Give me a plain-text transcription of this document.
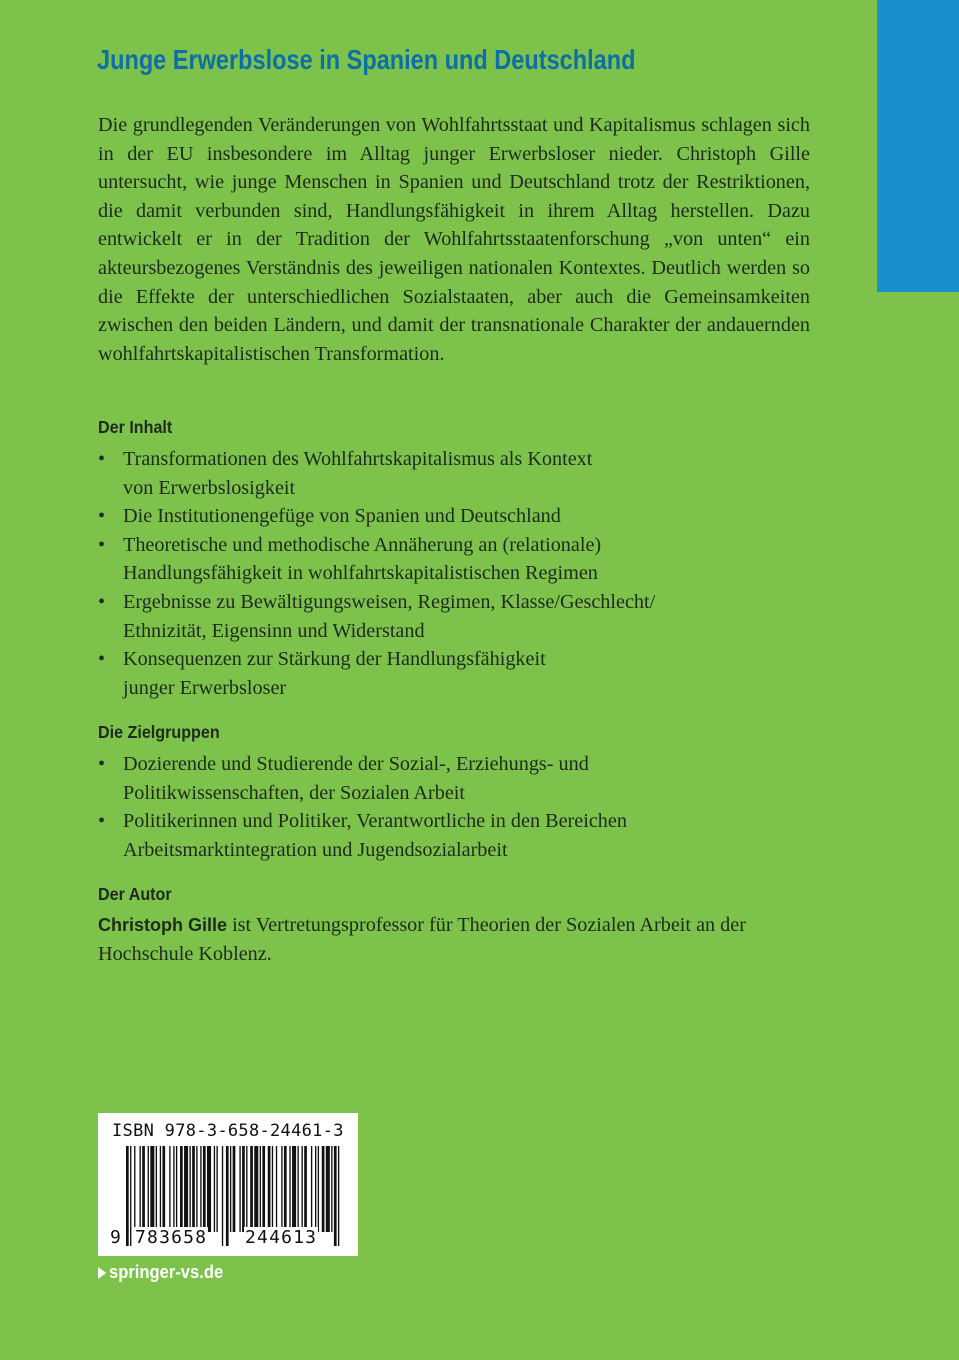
Junge Erwerbslose in Spanien und Deutschland

Die grundlegenden Veränderungen von Wohlfahrtsstaat und Kapitalismus schlagen sich in der EU insbesondere im Alltag junger Erwerbsloser nieder. Christoph Gille untersucht, wie junge Menschen in Spanien und Deutschland trotz der Restriktionen, die damit verbunden sind, Handlungsfähigkeit in ihrem Alltag herstellen. Dazu entwickelt er in der Tradition der Wohlfahrtsstaatenforschung „von unten“ ein akteursbezogenes Verständnis des jeweiligen nationalen Kontextes. Deutlich werden so die Effekte der unterschiedlichen Sozialstaaten, aber auch die Gemeinsamkeiten zwischen den beiden Ländern, und damit der transnationale Charakter der andauernden wohlfahrtskapitalistischen Transformation.

Der Inhalt
• Transformationen des Wohlfahrtskapitalismus als Kontext
von Erwerbslosigkeit
• Die Institutionengefüge von Spanien und Deutschland
• Theoretische und methodische Annäherung an (relationale)
Handlungsfähigkeit in wohlfahrtskapitalistischen Regimen
• Ergebnisse zu Bewältigungsweisen, Regimen, Klasse/Geschlecht/
Ethnizität, Eigensinn und Widerstand
• Konsequenzen zur Stärkung der Handlungsfähigkeit
junger Erwerbsloser
Die Zielgruppen
• Dozierende und Studierende der Sozial-, Erziehungs- und
Politikwissenschaften, der Sozialen Arbeit
• Politikerinnen und Politiker, Verantwortliche in den Bereichen
Arbeitsmarktintegration und Jugendsozialarbeit
Der Autor

Christoph Gille ist Vertretungsprofessor für Theorien der Sozialen Arbeit an der Hochschule Koblenz.

ISBN 978-3-658-24461-3
9 783658 244613
springer-vs.de
